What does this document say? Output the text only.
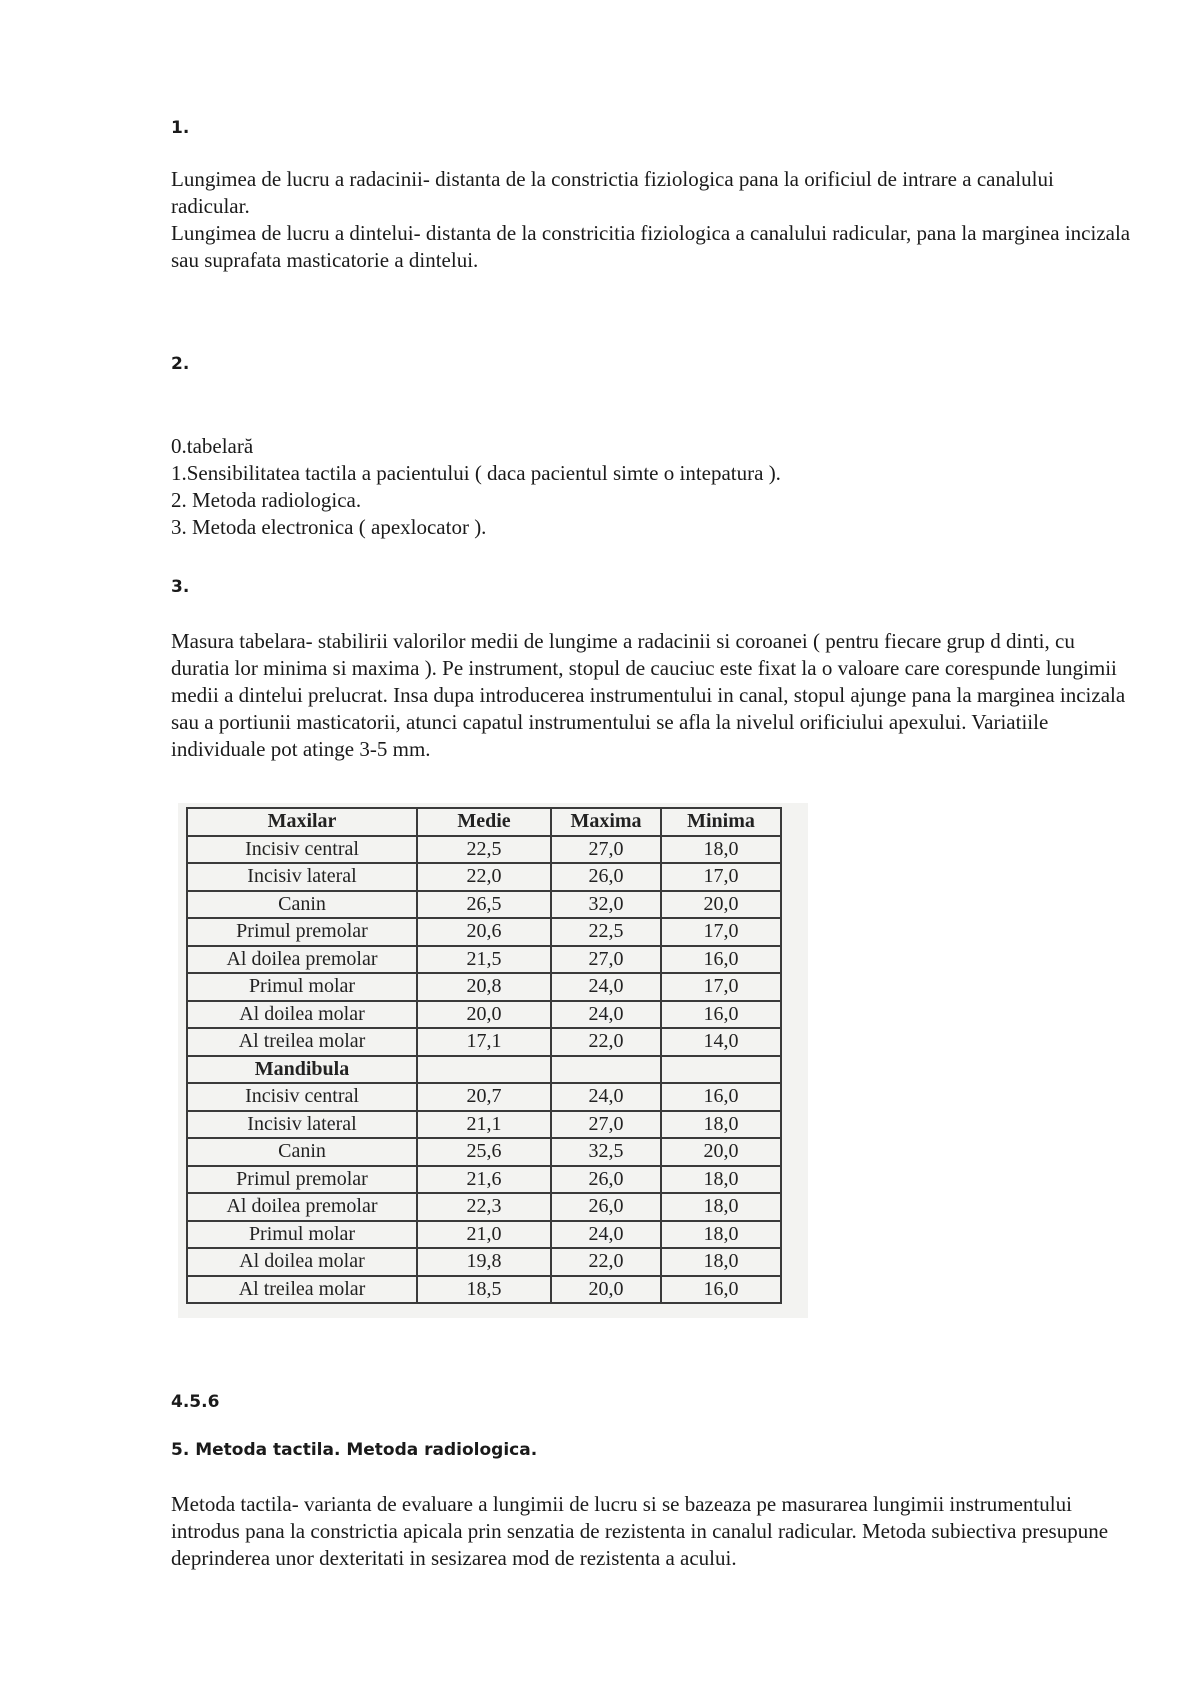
1.

Lungimea de lucru a radacinii- distanta de la constrictia fiziologica pana la orificiul de intrare a canalului radicular.

Lungimea de lucru a dintelui- distanta de la constricitia fiziologica a canalului radicular, pana la marginea incizala sau suprafata masticatorie a dintelui.

2.

0.tabelară

1.Sensibilitatea tactila a pacientului ( daca pacientul simte o intepatura ).

2. Metoda radiologica.

3. Metoda electronica ( apexlocator ).

3.

Masura tabelara- stabilirii valorilor medii de lungime a radacinii si coroanei ( pentru fiecare grup d dinti, cu duratia lor minima si maxima ). Pe instrument, stopul de cauciuc este fixat la o valoare care corespunde lungimii medii a dintelui prelucrat. Insa dupa introducerea instrumentului in canal, stopul ajunge pana la marginea incizala sau a portiunii masticatorii, atunci capatul instrumentului se afla la nivelul orificiului apexului. Variatiile individuale pot atinge 3-5 mm.

4.5.6
5. Metoda tactila. Metoda radiologica.

Metoda tactila- varianta de evaluare a lungimii de lucru si se bazeaza pe masurarea lungimii instrumentului introdus pana la constrictia apicala prin senzatia de rezistenta in canalul radicular. Metoda subiectiva presupune deprinderea unor dexteritati in sesizarea mod de rezistenta a acului.

Maxilar	Medie	Maxima	Minima
Incisiv central	22,5	27,0	18,0
Incisiv lateral	22,0	26,0	17,0
Canin	26,5	32,0	20,0
Primul premolar	20,6	22,5	17,0
Al doilea premolar	21,5	27,0	16,0
Primul molar	20,8	24,0	17,0
Al doilea molar	20,0	24,0	16,0
Al treilea molar	17,1	22,0	14,0
Mandibula			
Incisiv central	20,7	24,0	16,0
Incisiv lateral	21,1	27,0	18,0
Canin	25,6	32,5	20,0
Primul premolar	21,6	26,0	18,0
Al doilea premolar	22,3	26,0	18,0
Primul molar	21,0	24,0	18,0
Al doilea molar	19,8	22,0	18,0
Al treilea molar	18,5	20,0	16,0
